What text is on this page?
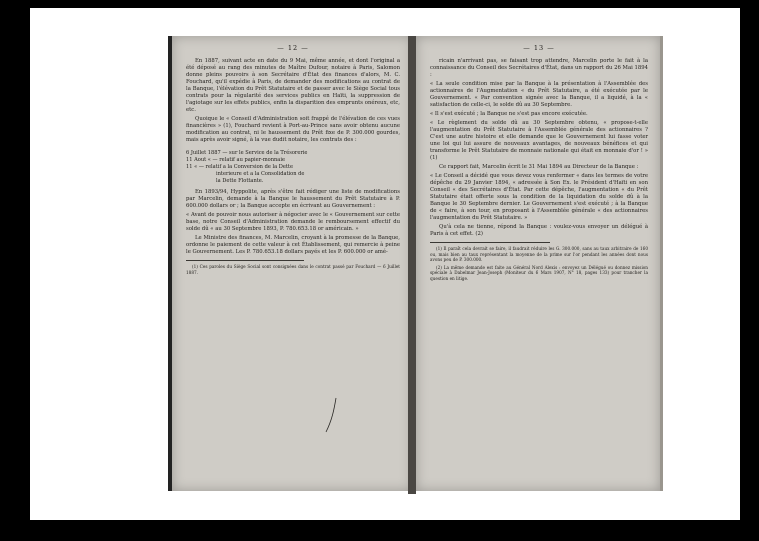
— 12 —

En 1887, suivant acte en date du 9 Mai, même année, et dont l'original a été déposé au rang des minutes de Maître Dufour, notaire à Paris, Salomon donne pleins pouvoirs à son Secrétaire d'État des finances d'alors, M. C. Fouchard, qu'il expédie à Paris, de demander des modifications au contrat de la Banque, l'élévation du Prêt Statutaire et de passer avec le Siège Social tous contrats pour la régularité des services publics en Haïti, la suppression de l'agiotage sur les effets publics, enfin la disparition des emprunts onéreux, etc, etc.

Quoique le « Conseil d'Administration soit frappé de l'élévation de ces vues financières » (1), Fouchard revient à Port-au-Prince sans avoir obtenu aucune modification au contrat, ni le haussement du Prêt fixe de P. 300.000 gourdes, mais après avoir signé, à la vue dudit notaire, les contrats des :

6 Juillet 1887 — sur le Service de la Trésorerie
11 Aout « — relatif au papier-monnaie
11 « — relatif a la Conversion de la Dette
interieure et a la Consolidation de
la Dette Flottante.

En 1893/94, Hyppolite, après s'être fait rédiger une liste de modifications par Marcelin, demande à la Banque le haussement du Prêt Statutaire à P. 600.000 dollars or ; la Banque accepte en écrivant au Gouvernement :

« Avant de pouvoir nous autoriser à négocier avec le « Gouvernement sur cette base, notre Conseil d'Administration demande le remboursement effectif du solde dû « au 30 Septembre 1893, P. 780.653.18 or américain. »

Le Ministre des finances, M. Marcelin, croyant à la promesse de la Banque, ordonne le paiement de cette valeur à cet Établissement, qui remercie à peine le Gouvernement. Les P. 780.653.18 dollars payés et les P. 600.000 or amé-

(1) Ces paroles du Siège Social sont consignées dans le contrat passé par Fouchard — 6 Juillet 1887.

— 13 —

ricain n'arrivant pas, se faisant trop attendre, Marcelin porte le fait à la connaissance du Conseil des Secrétaires d'État, dans un rapport du 26 Mai 1894 :

« La seule condition mise par la Banque à la présentation à l'Assemblée des actionnaires de l'Augmentation « du Prêt Statutaire, a été exécutée par le Gouvernement. « Par convention signée avec la Banque, il a liquidé, à la « satisfaction de celle-ci, le solde dû au 30 Septembre.

« Il s'est exécuté ; la Banque ne s'est pas encore exécutée.

« Le règlement du solde dû au 30 Septembre obtenu, « propose-t-elle l'augmentation du Prêt Statutaire à l'Assemblée générale des actionnaires ? C'est une autre histoire et elle demande que le Gouvernement lui fasse voter une loi qui lui assure de nouveaux avantages, de nouveaux bénéfices et qui transforme le Prêt Statutaire de monnaie nationale qui était en monnaie d'or ! » (1)

Ce rapport fait, Marcelin écrit le 31 Mai 1894 au Directeur de la Banque :

« Le Conseil a décidé que vous devez vous renfermer « dans les termes de votre dépêche du 29 Janvier 1894, « adressée à Son Ex. le Président d'Haïti en son Conseil « des Secrétaires d'État. Par cette dépêche, l'augmentation « du Prêt Statutaire était offerte sous la condition de la liquidation du solde dû à la Banque le 30 Septembre dernier. Le Gouvernement s'est exécuté ; à la Banque de « faire, à son tour, en proposant à l'Assemblée générale « des actionnaires l'augmentation du Prêt Statutaire. »

Qu'à cela ne tienne, répond la Banque : voulez-vous envoyer un délégué à Paris à cet effet. (2)

(1) Il paraît cela devrait se faire, il faudrait réduire les G. 300.000, sans au taux arbitraire de 160 ou, mais bien au taux représentant la moyenne de la prime sur l'or pendant les années dont nous avons peu de P. 300.000.

(2) La même demande est faite au Général Nord Alexis : envoyez un Délégué ou donnez mission spéciale à Dabelmar Jean-Joseph (Moniteur du 6 Mars 1907, N° 18, pages 133) pour trancher la question en litige.
